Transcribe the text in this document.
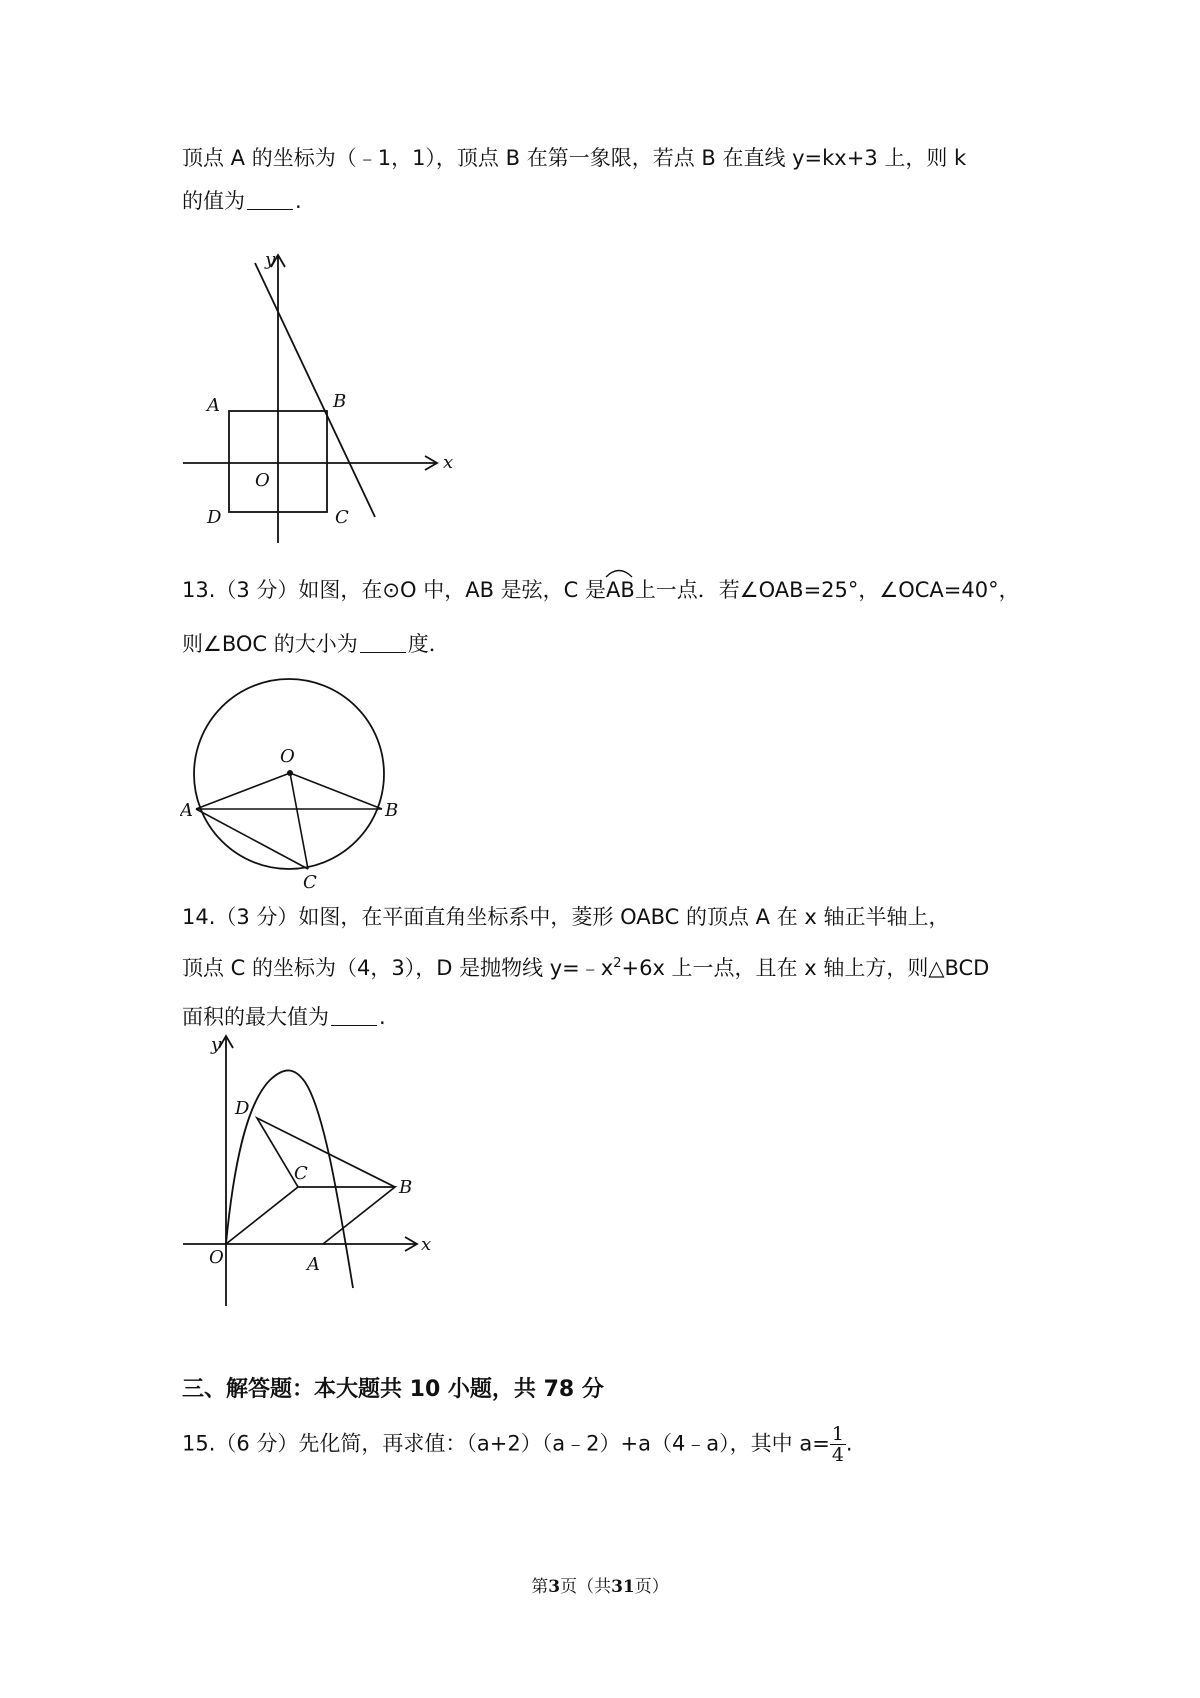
顶点 A 的坐标为（﹣1，1），顶点 B 在第一象限，若点 B 在直线 y=kx+3 上，则 k
的值为 .
y
x
A	B
O
D	C
13.（3 分）如图，在⊙O 中，AB 是弦，C 是
AB上一点．若∠OAB=25°，∠OCA=40°，
则∠BOC 的大小为 度．
O
A	B
C
14.（3 分）如图，在平面直角坐标系中，菱形 OABC 的顶点 A 在 x 轴正半轴上，
顶点 C 的坐标为（4，3），D 是抛物线 $y=﹣x^2+6x$ 上一点，且在 x 轴上方，则△BCD
面积的最大值为 .
y
x
D
C
B
O	A
三、解答题：本大题共 10 小题，共 78 分
15.（6 分）先化简，再求值：（a+2）（a﹣2）+a（4﹣a），其中 $a= \frac{1}{4}$ .
第3页（共31页）
